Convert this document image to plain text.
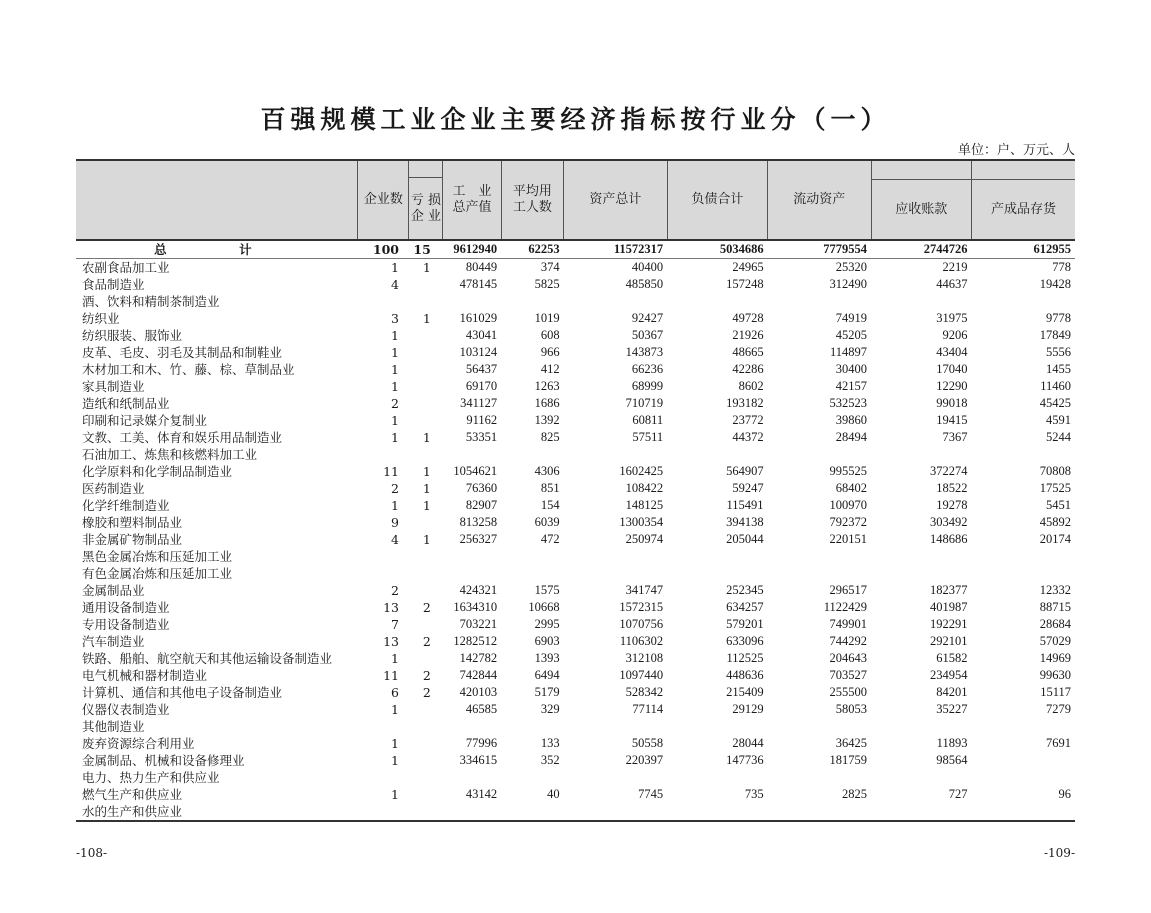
百强规模工业企业主要经济指标按行业分（一）
单位：户、万元、人
	企业数	亏 损
企 业	工　业
总产值	平均用
工人数	资产总计	负债合计	流动资产	应收账款	产成品存货

总　计	100	15	9612940	62253	11572317	5034686	7779554	2744726	612955
农副食品加工业	1	1	80449	374	40400	24965	25320	2219	778
食品制造业	4		478145	5825	485850	157248	312490	44637	19428
酒、饮料和精制茶制造业									
纺织业	3	1	161029	1019	92427	49728	74919	31975	9778
纺织服装、服饰业	1		43041	608	50367	21926	45205	9206	17849
皮革、毛皮、羽毛及其制品和制鞋业	1		103124	966	143873	48665	114897	43404	5556
木材加工和木、竹、藤、棕、草制品业	1		56437	412	66236	42286	30400	17040	1455
家具制造业	1		69170	1263	68999	8602	42157	12290	11460
造纸和纸制品业	2		341127	1686	710719	193182	532523	99018	45425
印刷和记录媒介复制业	1		91162	1392	60811	23772	39860	19415	4591
文教、工美、体育和娱乐用品制造业	1	1	53351	825	57511	44372	28494	7367	5244
石油加工、炼焦和核燃料加工业									
化学原料和化学制品制造业	11	1	1054621	4306	1602425	564907	995525	372274	70808
医药制造业	2	1	76360	851	108422	59247	68402	18522	17525
化学纤维制造业	1	1	82907	154	148125	115491	100970	19278	5451
橡胶和塑料制品业	9		813258	6039	1300354	394138	792372	303492	45892
非金属矿物制品业	4	1	256327	472	250974	205044	220151	148686	20174
黑色金属冶炼和压延加工业									
有色金属冶炼和压延加工业									
金属制品业	2		424321	1575	341747	252345	296517	182377	12332
通用设备制造业	13	2	1634310	10668	1572315	634257	1122429	401987	88715
专用设备制造业	7		703221	2995	1070756	579201	749901	192291	28684
汽车制造业	13	2	1282512	6903	1106302	633096	744292	292101	57029
铁路、船舶、航空航天和其他运输设备制造业	1		142782	1393	312108	112525	204643	61582	14969
电气机械和器材制造业	11	2	742844	6494	1097440	448636	703527	234954	99630
计算机、通信和其他电子设备制造业	6	2	420103	5179	528342	215409	255500	84201	15117
仪器仪表制造业	1		46585	329	77114	29129	58053	35227	7279
其他制造业									
废弃资源综合利用业	1		77996	133	50558	28044	36425	11893	7691
金属制品、机械和设备修理业	1		334615	352	220397	147736	181759	98564	
电力、热力生产和供应业									
燃气生产和供应业	1		43142	40	7745	735	2825	727	96
水的生产和供应业									
-108-	-109-
